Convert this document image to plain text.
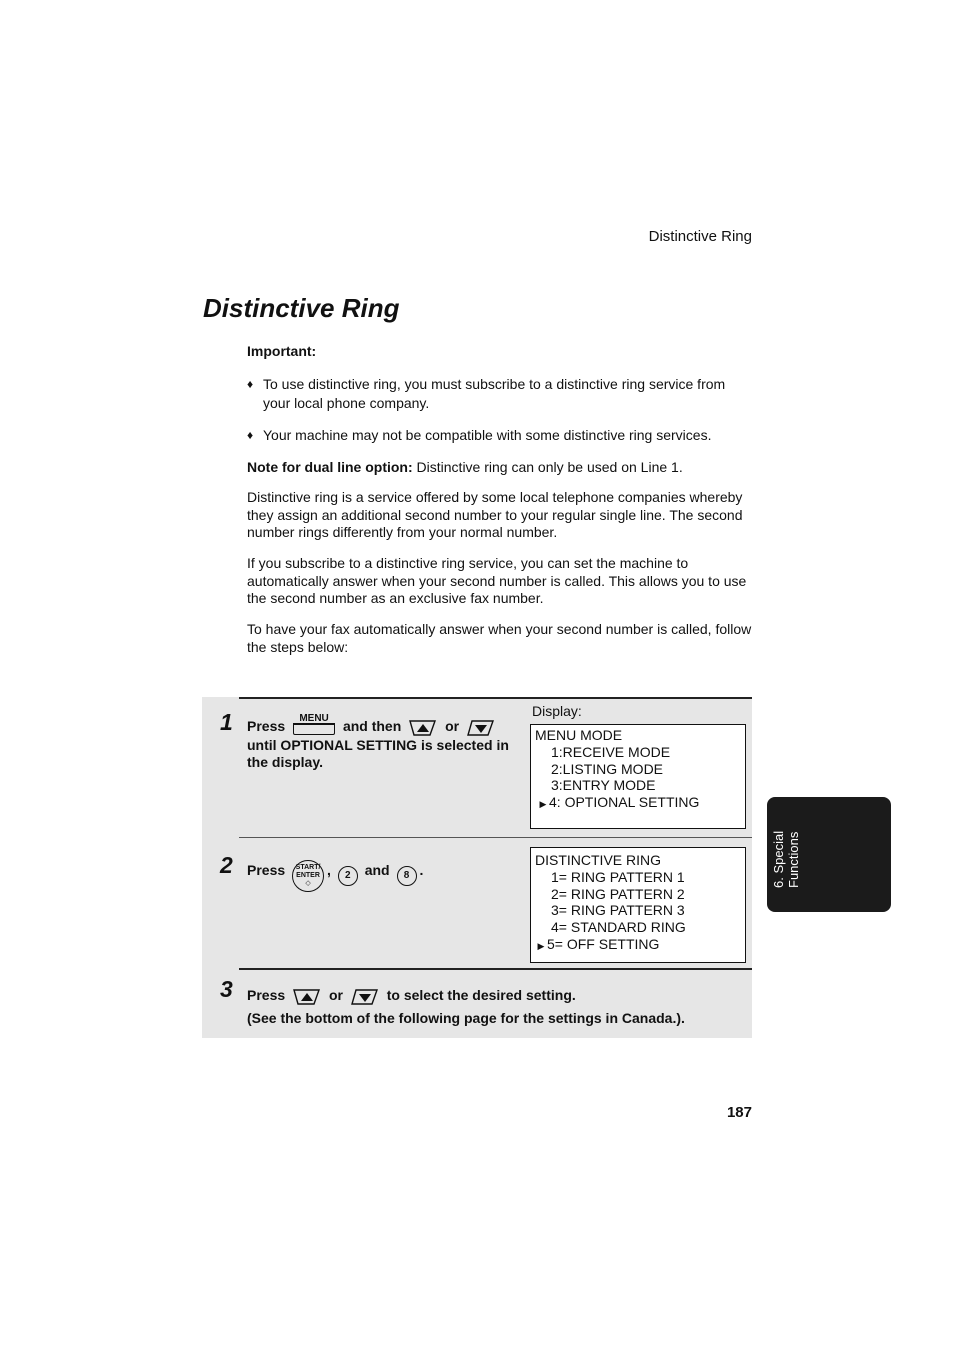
Distinctive Ring
Distinctive Ring
Important:
♦ To use distinctive ring, you must subscribe to a distinctive ring service from your local phone company.
♦ Your machine may not be compatible with some distinctive ring services.

Note for dual line option: Distinctive ring can only be used on Line 1.

Distinctive ring is a service offered by some local telephone companies whereby they assign an additional second number to your regular single line. The second number rings differently from your normal number.

If you subscribe to a distinctive ring service, you can set the machine to automatically answer when your second number is called. This allows you to use the second number as an exclusive fax number.

To have your fax automatically answer when your second number is called, follow the steps below:

1 Press	MENU	and then	or
until OPTIONAL SETTING is selected in the display.
Display:
MENU MODE
1:RECEIVE MODE
2:LISTING MODE
3:ENTRY MODE
▶ 4: OPTIONAL SETTING
2 Press START/
ENTER
◇, 2 and 8 .
DISTINCTIVE RING
1= RING PATTERN 1
2= RING PATTERN 2
3= RING PATTERN 3
4= STANDARD RING
▶ 5= OFF SETTING
3 Press	or	to select the desired setting.
(See the bottom of the following page for the settings in Canada.).
187
6. Special
Functions
